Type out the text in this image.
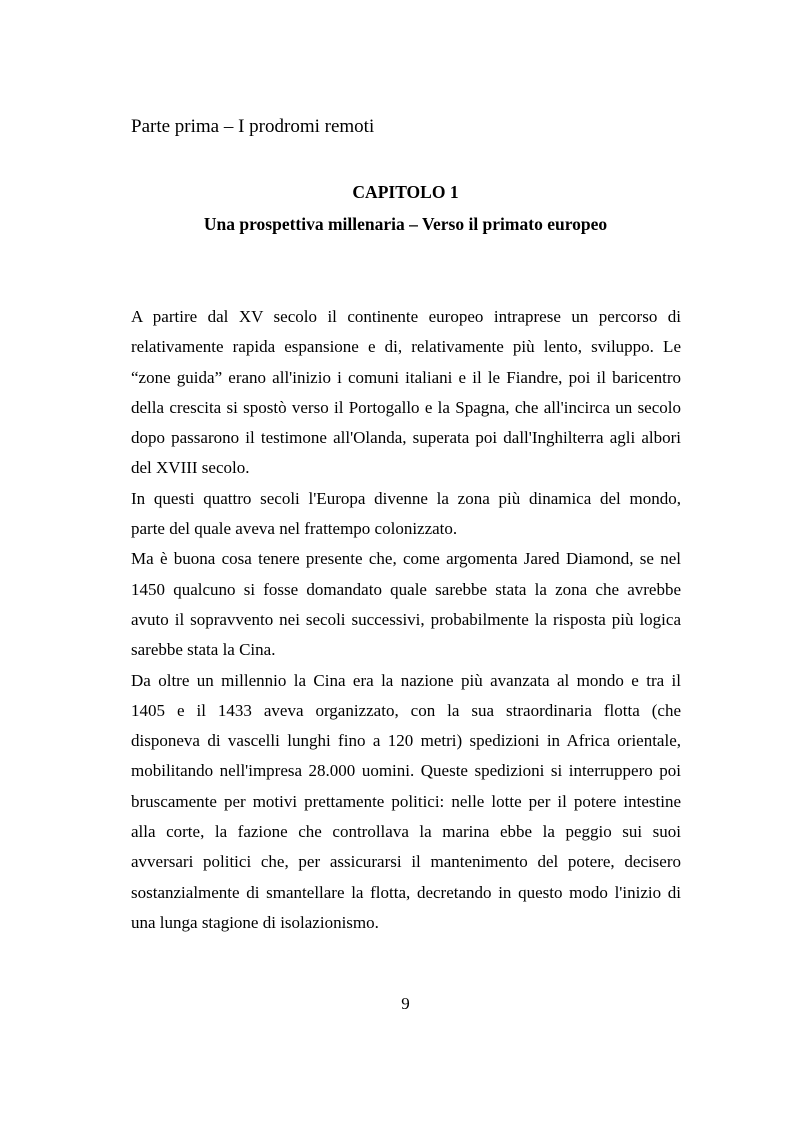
Parte prima – I prodromi remoti
CAPITOLO 1
Una prospettiva millenaria – Verso il primato europeo
A partire dal XV secolo il continente europeo intraprese un percorso di
relativamente rapida espansione e di, relativamente più lento, sviluppo. Le
“zone guida” erano all'inizio i comuni italiani e il le Fiandre, poi il baricentro
della crescita si spostò verso il Portogallo e la Spagna, che all'incirca un secolo
dopo passarono il testimone all'Olanda, superata poi dall'Inghilterra agli albori
del XVIII secolo.
In questi quattro secoli l'Europa divenne la zona più dinamica del mondo,
parte del quale aveva nel frattempo colonizzato.
Ma è buona cosa tenere presente che, come argomenta Jared Diamond, se nel
1450 qualcuno si fosse domandato quale sarebbe stata la zona che avrebbe
avuto il sopravvento nei secoli successivi, probabilmente la risposta più logica
sarebbe stata la Cina.
Da oltre un millennio la Cina era la nazione più avanzata al mondo e tra il
1405 e il 1433 aveva organizzato, con la sua straordinaria flotta (che
disponeva di vascelli lunghi fino a 120 metri) spedizioni in Africa orientale,
mobilitando nell'impresa 28.000 uomini. Queste spedizioni si interruppero poi
bruscamente per motivi prettamente politici: nelle lotte per il potere intestine
alla corte, la fazione che controllava la marina ebbe la peggio sui suoi
avversari politici che, per assicurarsi il mantenimento del potere, decisero
sostanzialmente di smantellare la flotta, decretando in questo modo l'inizio di
una lunga stagione di isolazionismo.
9
